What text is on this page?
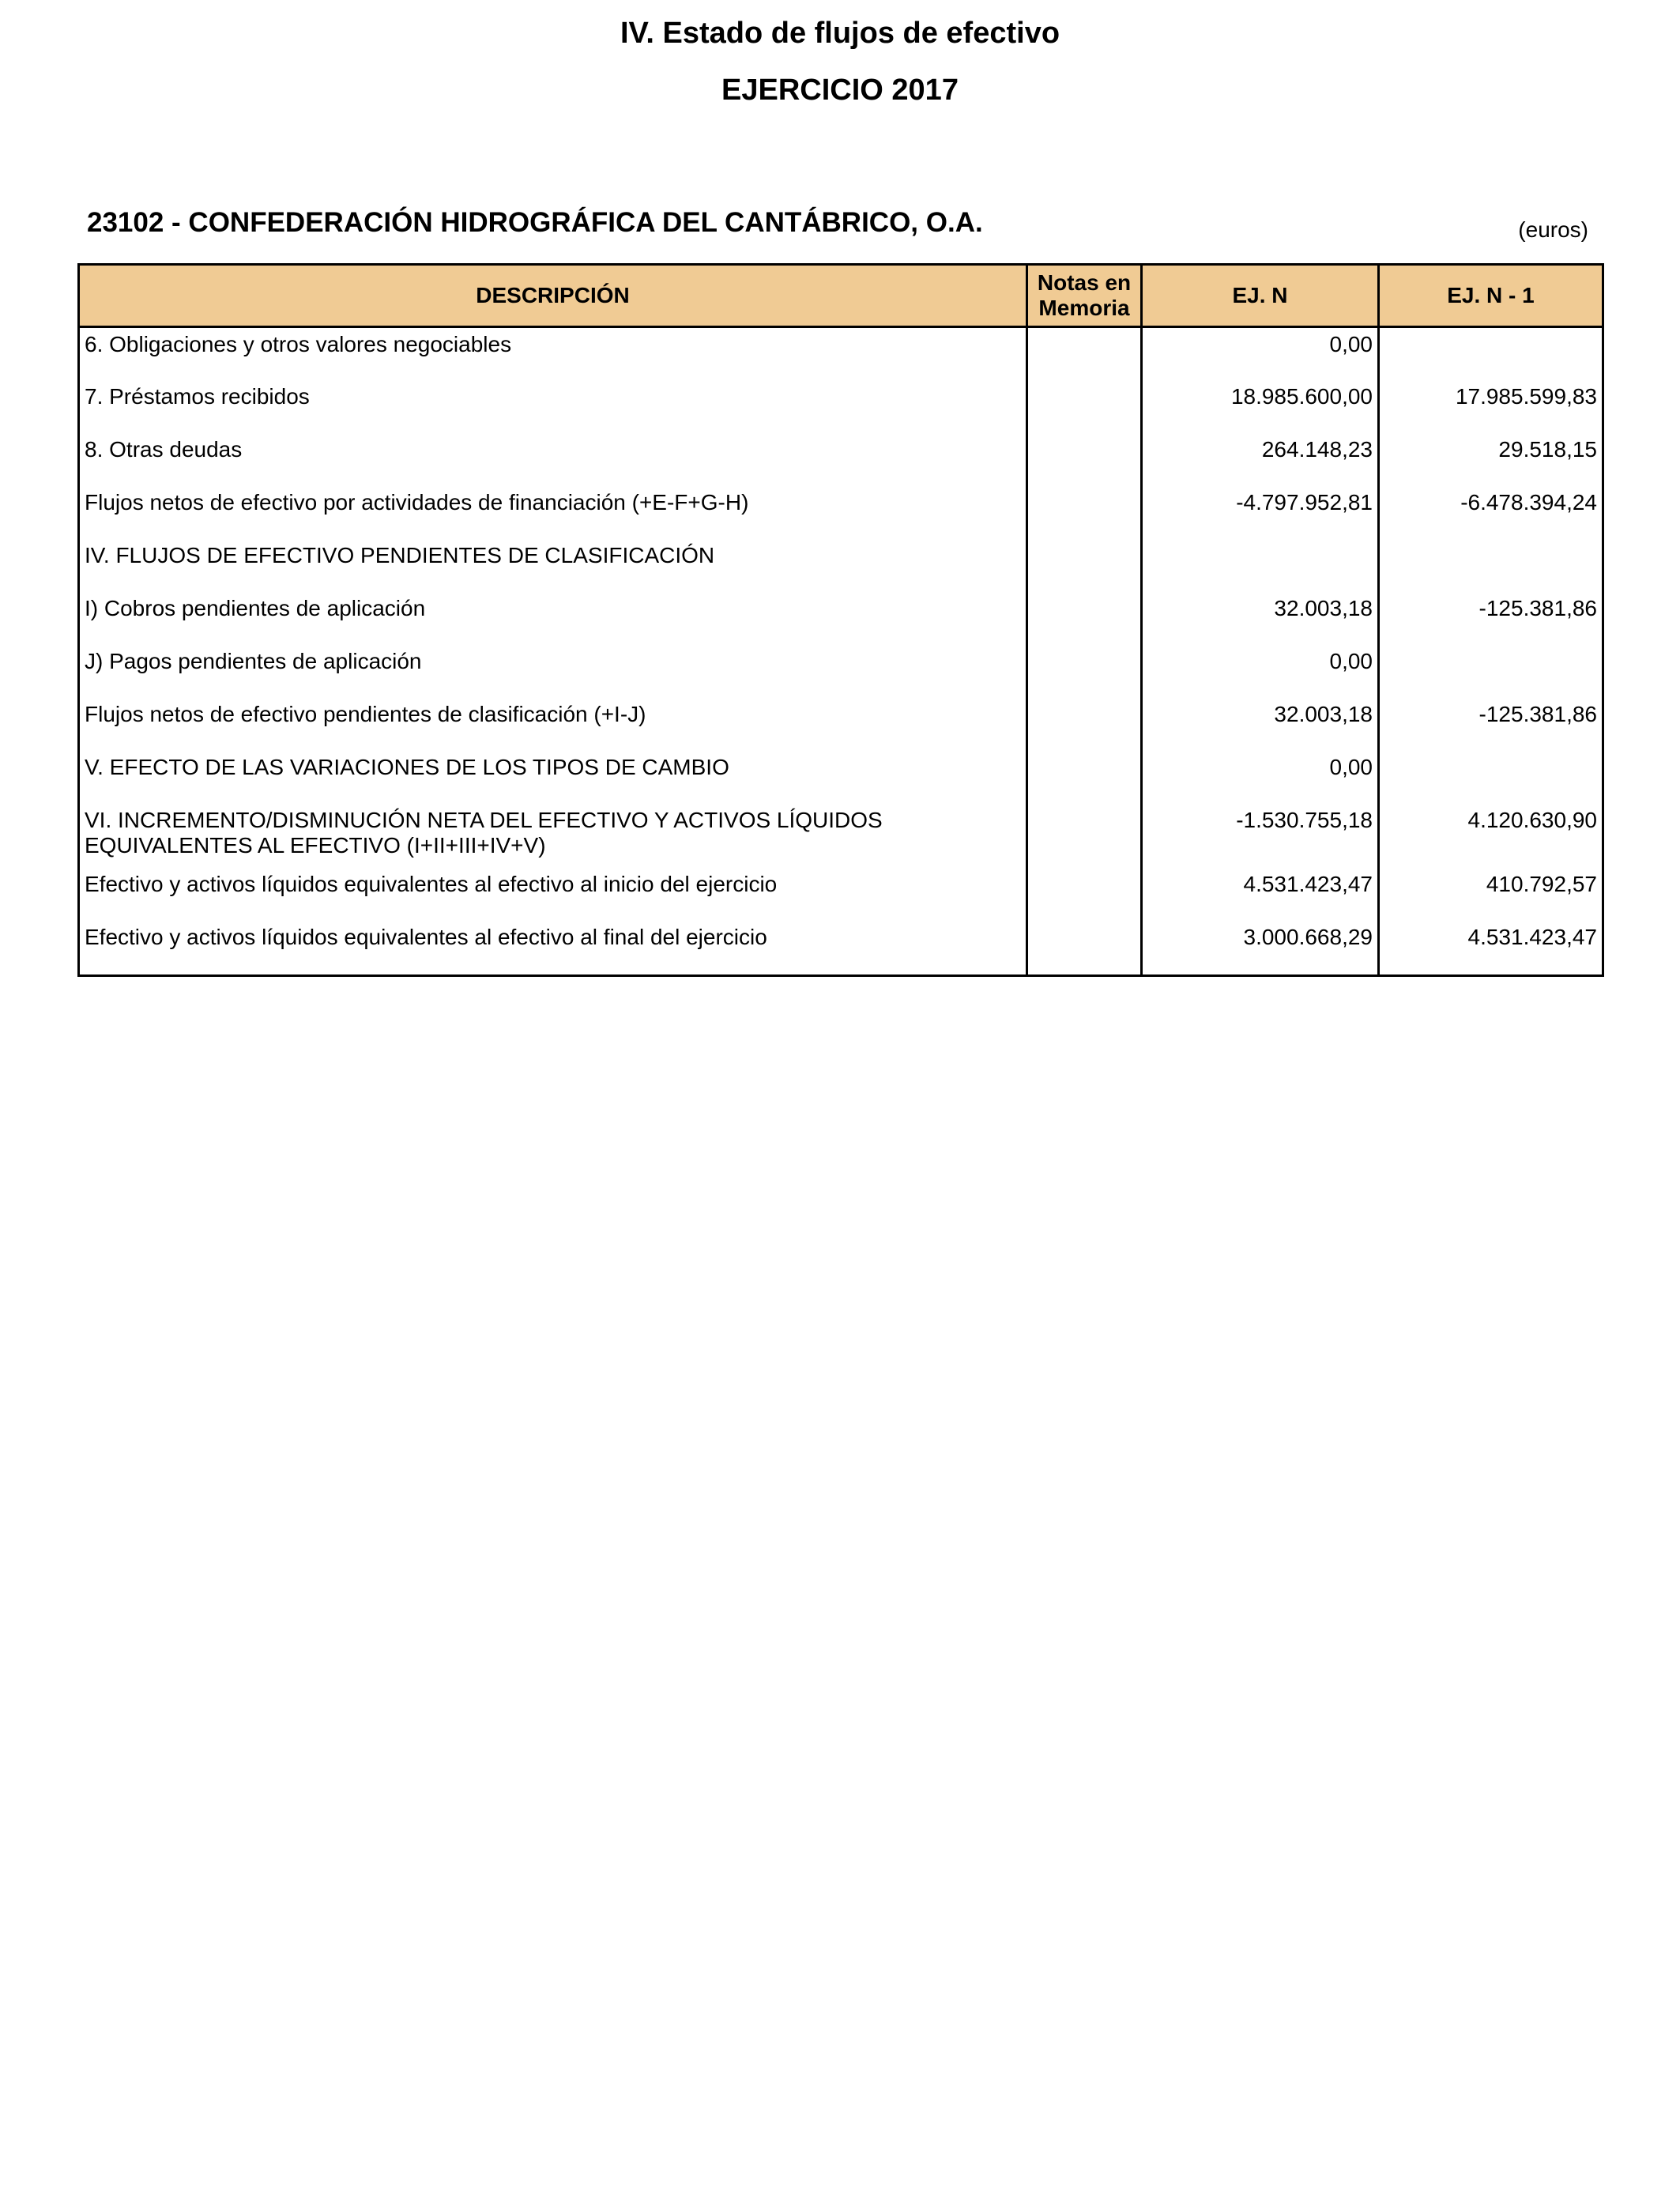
IV. Estado de flujos de efectivo
EJERCICIO 2017
23102 - CONFEDERACIÓN HIDROGRÁFICA DEL CANTÁBRICO, O.A.	(euros)
DESCRIPCIÓN	Notas en Memoria	EJ. N	EJ. N - 1
6. Obligaciones y otros valores negociables		0,00	
7. Préstamos recibidos		18.985.600,00	17.985.599,83
8. Otras deudas		264.148,23	29.518,15
Flujos netos de efectivo por actividades de financiación (+E-F+G-H)		-4.797.952,81	-6.478.394,24
IV. FLUJOS DE EFECTIVO PENDIENTES DE CLASIFICACIÓN			
I) Cobros pendientes de aplicación		32.003,18	-125.381,86
J) Pagos pendientes de aplicación		0,00	
Flujos netos de efectivo pendientes de clasificación (+I-J)		32.003,18	-125.381,86
V. EFECTO DE LAS VARIACIONES DE LOS TIPOS DE CAMBIO		0,00	

VI. INCREMENTO/DISMINUCIÓN NETA DEL EFECTIVO Y ACTIVOS LÍQUIDOS
EQUIVALENTES AL EFECTIVO (I+II+III+IV+V)		-1.530.755,18	4.120.630,90
Efectivo y activos líquidos equivalentes al efectivo al inicio del ejercicio		4.531.423,47	410.792,57
Efectivo y activos líquidos equivalentes al efectivo al final del ejercicio		3.000.668,29	4.531.423,47
